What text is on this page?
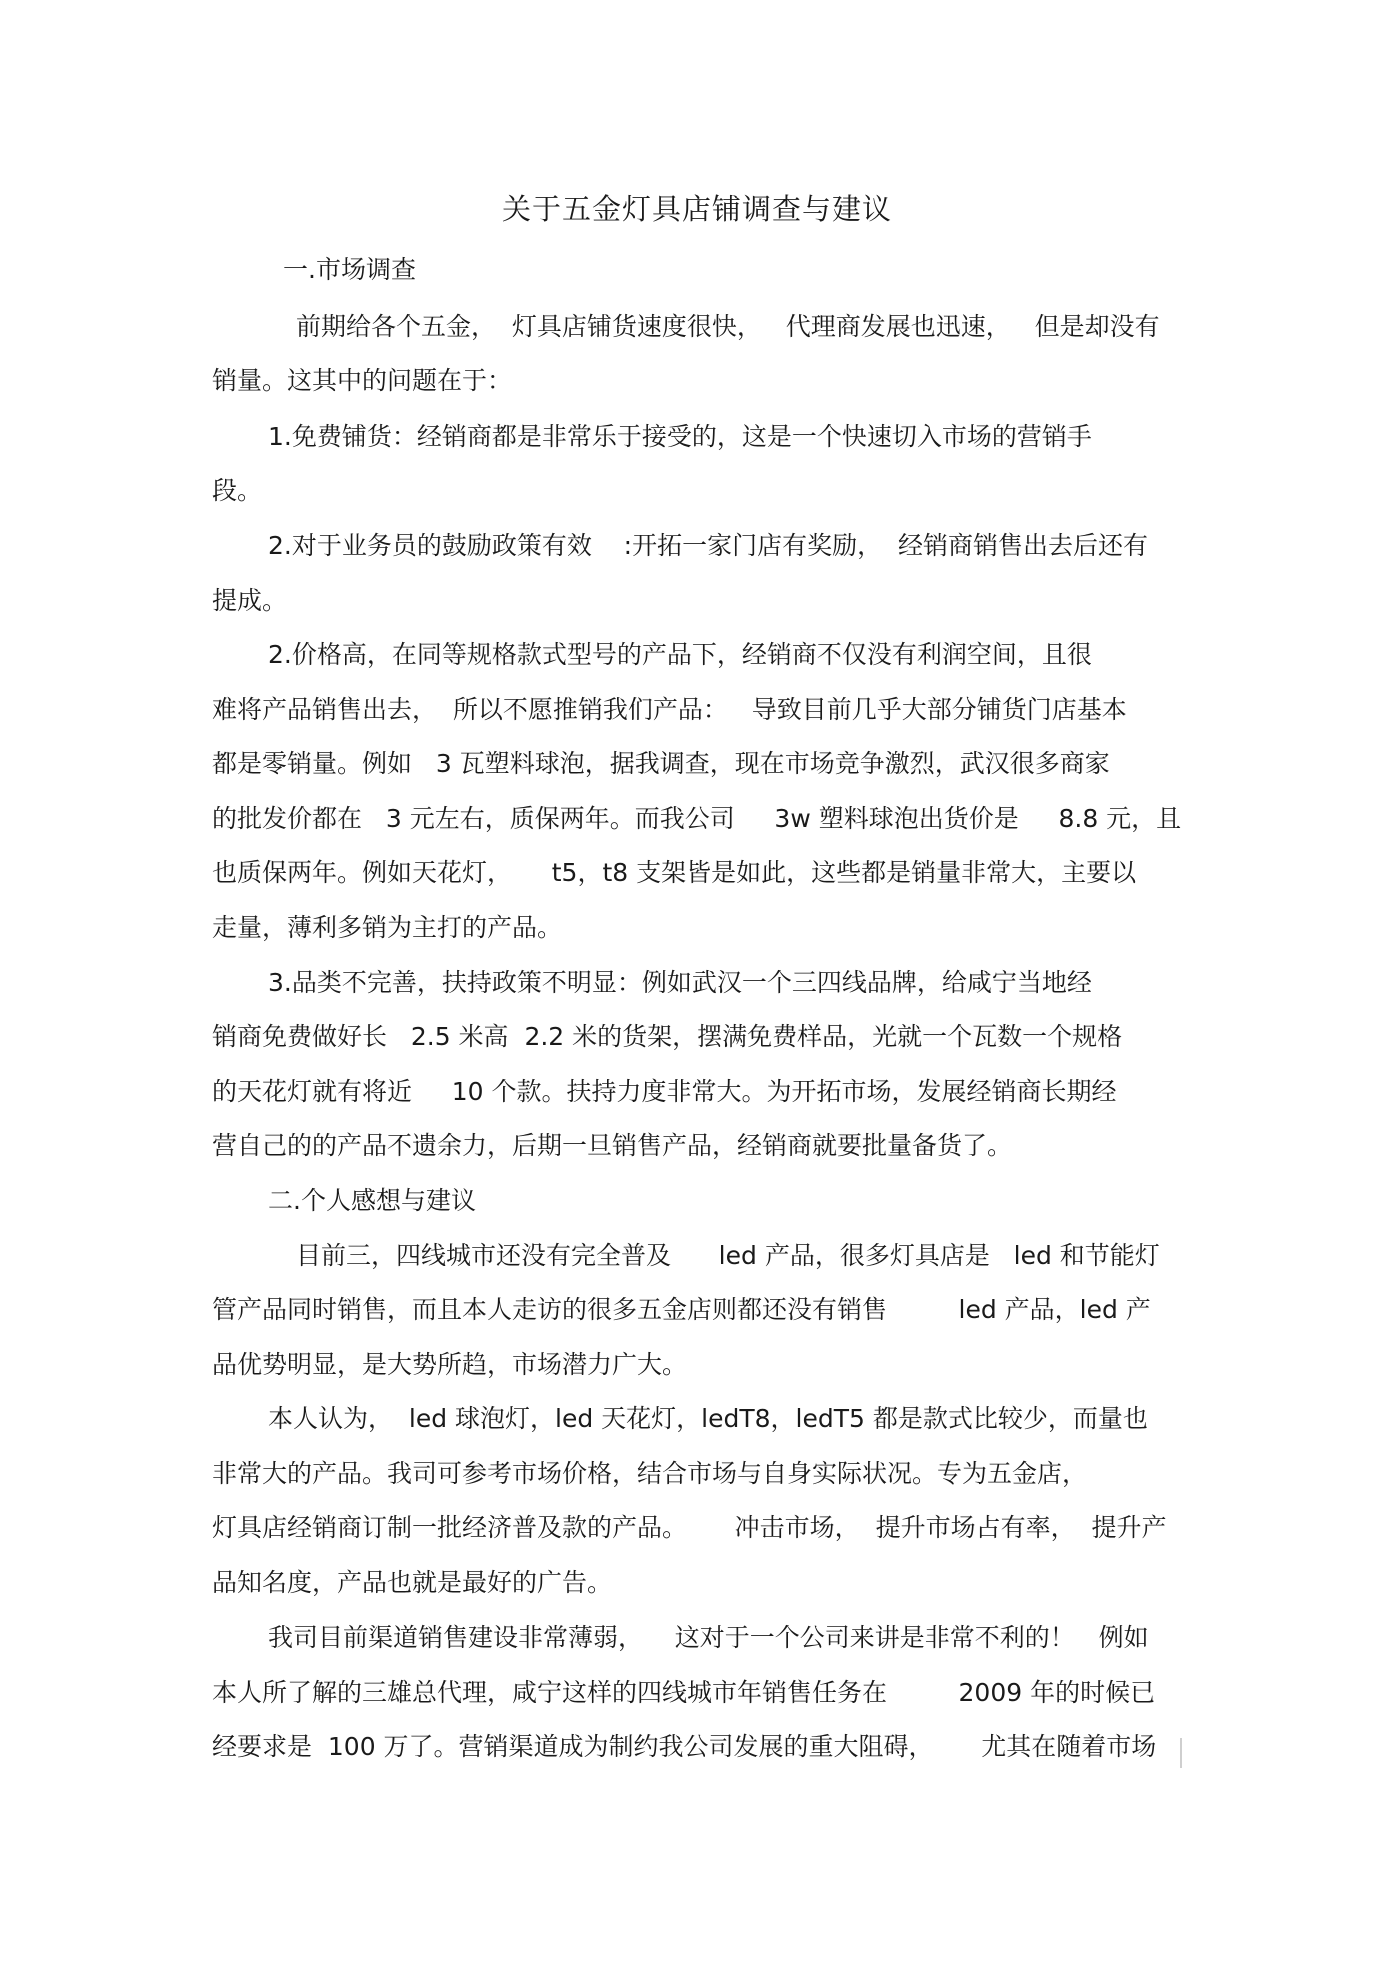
关于五金灯具店铺调查与建议
一.市场调查
前期给各个五金，  灯具店铺货速度很快，   代理商发展也迅速，   但是却没有
销量。这其中的问题在于：
1.免费铺货：经销商都是非常乐于接受的，这是一个快速切入市场的营销手
段。
2.对于业务员的鼓励政策有效    :开拓一家门店有奖励，  经销商销售出去后还有
提成。
2.价格高，在同等规格款式型号的产品下，经销商不仅没有利润空间，且很
难将产品销售出去，  所以不愿推销我们产品：   导致目前几乎大部分铺货门店基本
都是零销量。例如   3 瓦塑料球泡，据我调查，现在市场竞争激烈，武汉很多商家
的批发价都在   3 元左右，质保两年。而我公司     3w 塑料球泡出货价是     8.8 元，且
也质保两年。例如天花灯，     t5，t8 支架皆是如此，这些都是销量非常大，主要以
走量，薄利多销为主打的产品。
3.品类不完善，扶持政策不明显：例如武汉一个三四线品牌，给咸宁当地经
销商免费做好长   2.5 米高  2.2 米的货架，摆满免费样品，光就一个瓦数一个规格
的天花灯就有将近     10 个款。扶持力度非常大。为开拓市场，发展经销商长期经
营自己的的产品不遗余力，后期一旦销售产品，经销商就要批量备货了。
二.个人感想与建议
目前三，四线城市还没有完全普及      led 产品，很多灯具店是   led 和节能灯
管产品同时销售，而且本人走访的很多五金店则都还没有销售         led 产品，led 产
品优势明显，是大势所趋，市场潜力广大。
本人认为，  led 球泡灯，led 天花灯，ledT8，ledT5 都是款式比较少，而量也
非常大的产品。我司可参考市场价格，结合市场与自身实际状况。专为五金店，
灯具店经销商订制一批经济普及款的产品。      冲击市场，  提升市场占有率，  提升产
品知名度，产品也就是最好的广告。
我司目前渠道销售建设非常薄弱，    这对于一个公司来讲是非常不利的！   例如
本人所了解的三雄总代理，咸宁这样的四线城市年销售任务在         2009 年的时候已
经要求是  100 万了。营销渠道成为制约我公司发展的重大阻碍，      尤其在随着市场
